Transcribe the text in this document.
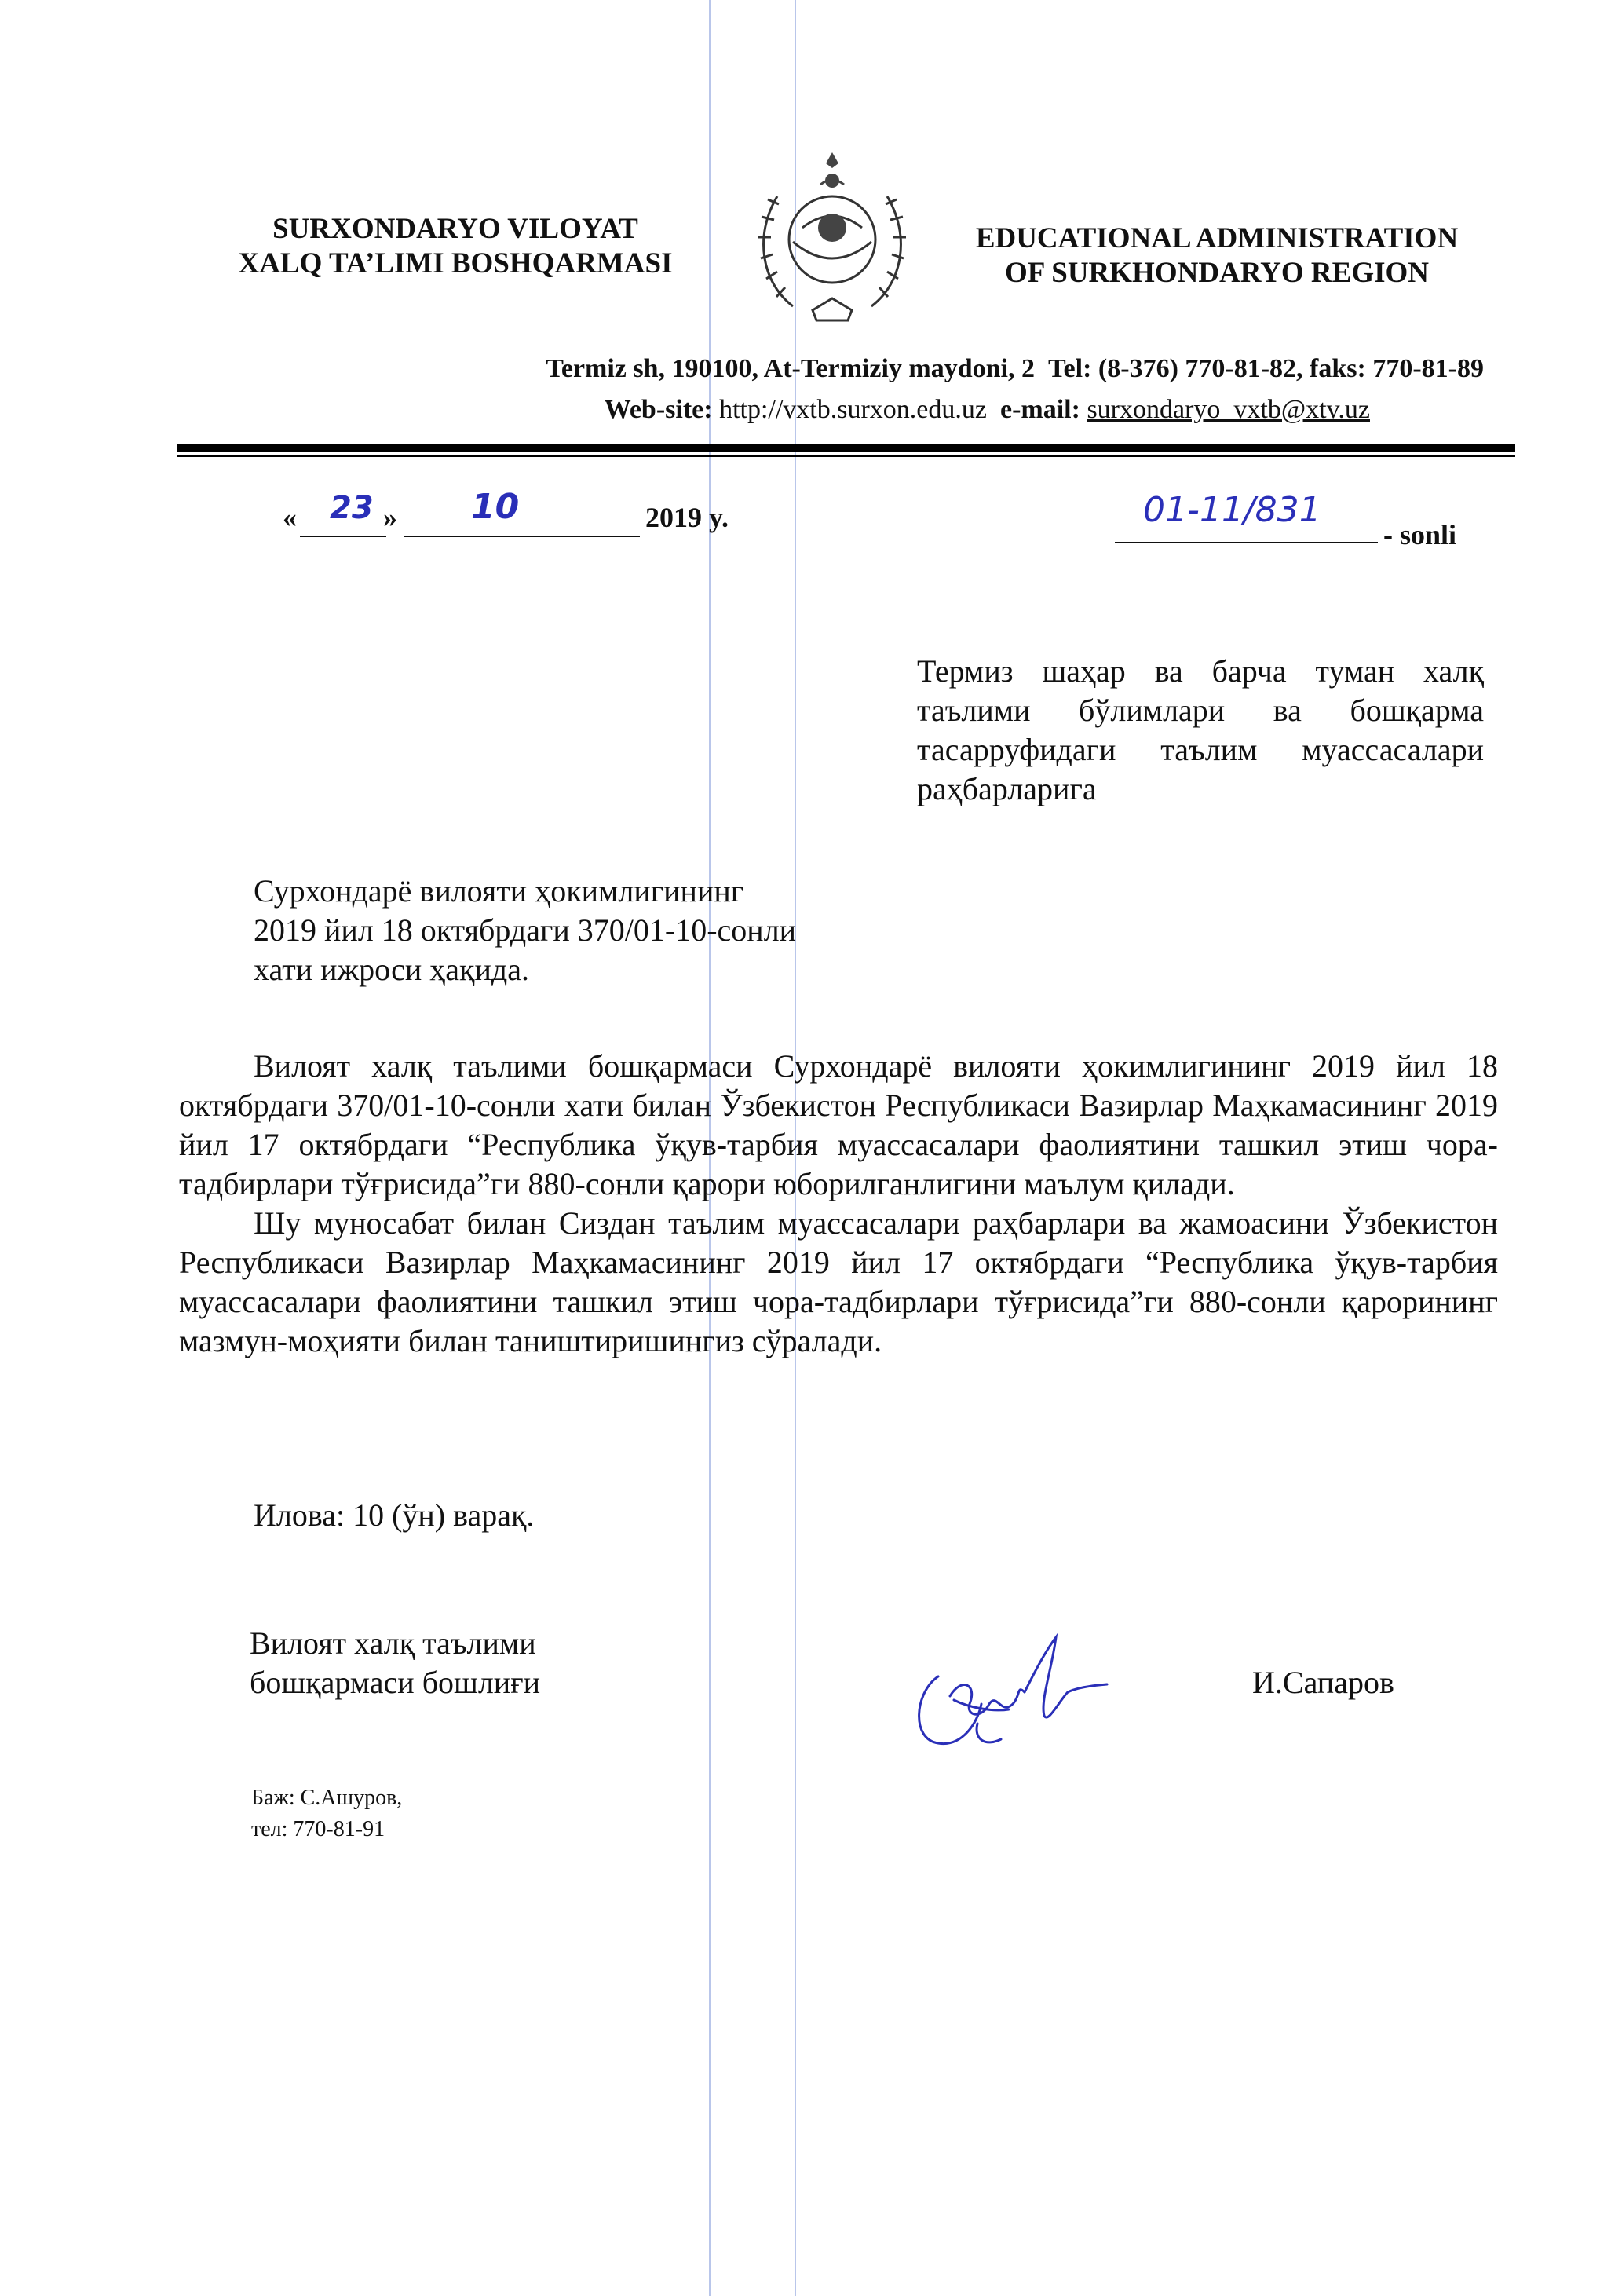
SURXONDARYO VILOYAT
XALQ TA’LIMI BOSHQARMASI
EDUCATIONAL ADMINISTRATION
OF SURKHONDARYO REGION
Termiz sh, 190100, At-Termiziy maydoni, 2 Tel: (8-376) 770-81-82, faks: 770-81-89
Web-site: http://vxtb.surxon.edu.uz e-mail: surxondaryo_vxtb@xtv.uz
« 23 » 10	2019 y.	01-11/831
- sonli
Термиз шаҳар ва барча туман халқ таълими бўлимлари ва бошқарма тасарруфидаги таълим муассасалари раҳбарларига

Сурхондарё вилояти ҳокимлигининг

2019 йил 18 октябрдаги 370/01-10-сонли

хати ижроси ҳақида.

Вилоят халқ таълими бошқармаси Сурхондарё вилояти ҳокимлигининг 2019 йил 18 октябрдаги 370/01-10-сонли хати билан Ўзбекистон Республикаси Вазирлар Маҳкамасининг 2019 йил 17 октябрдаги “Республика ўқув-тарбия муассасалари фаолиятини ташкил этиш чора-тадбирлари тўғрисида”ги 880-сонли қарори юборилганлигини маълум қилади.

Шу муносабат билан Сиздан таълим муассасалари раҳбарлари ва жамоасини Ўзбекистон Республикаси Вазирлар Маҳкамасининг 2019 йил 17 октябрдаги “Республика ўқув-тарбия муассасалари фаолиятини ташкил этиш чора-тадбирлари тўғрисида”ги 880-сонли қарорининг мазмун-моҳияти билан таништиришингиз сўралади.

Илова: 10 (ўн) варақ.

Вилоят халқ таълими

бошқармаси бошлиғи	И.Сапаров
Баж: С.Ашуров,
тел: 770-81-91
